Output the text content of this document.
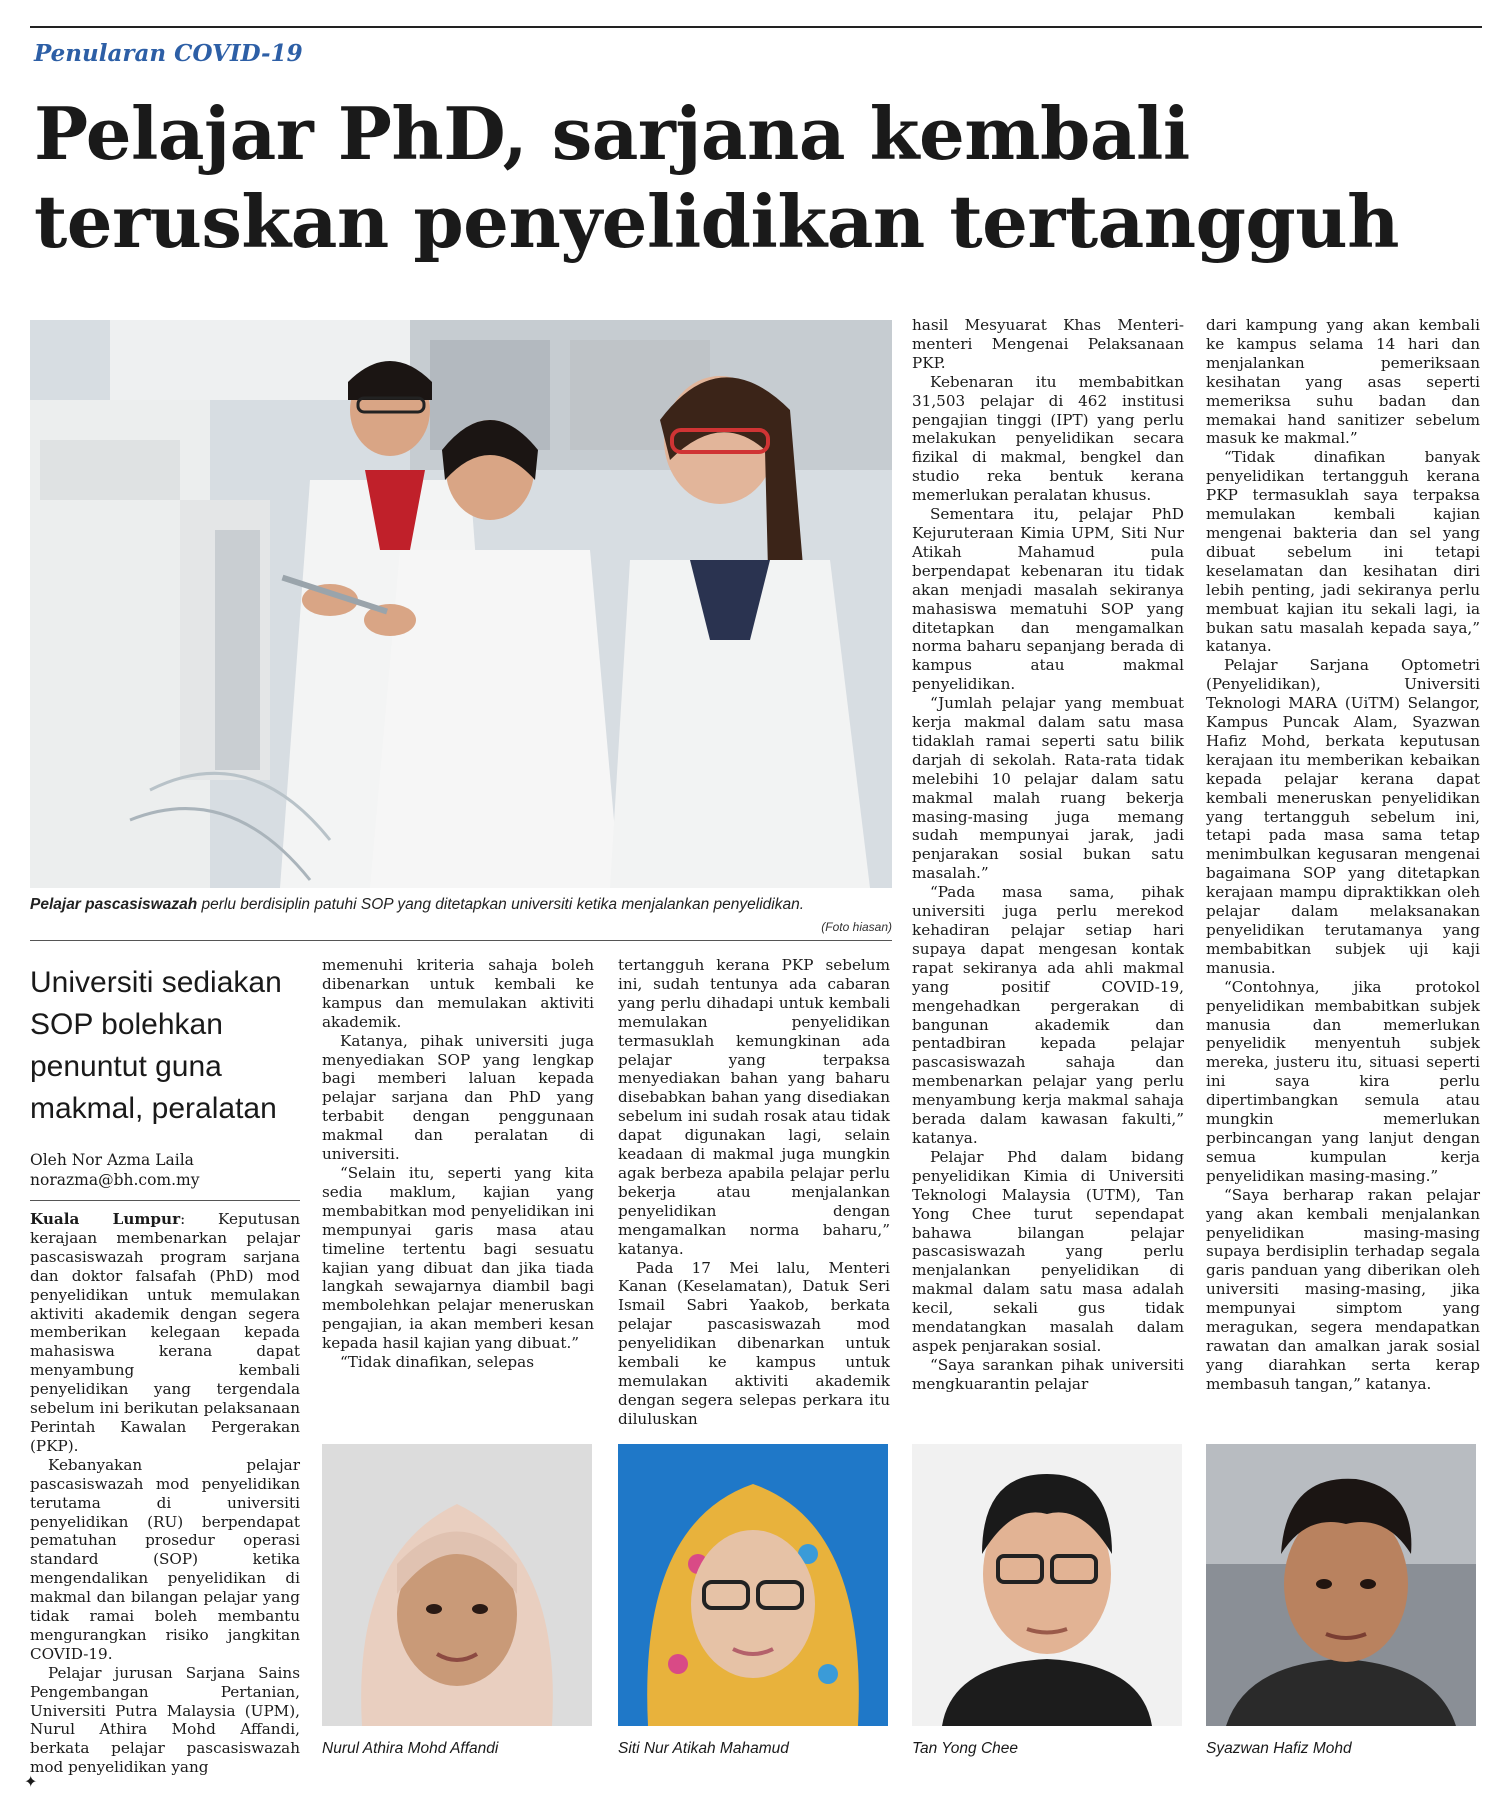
Penularan COVID-19
Pelajar PhD, sarjana kembali teruskan penyelidikan tertangguh
Pelajar pascasiswazah perlu berdisiplin patuhi SOP yang ditetapkan universiti ketika menjalankan penyelidikan.
(Foto hiasan)
Universiti sediakan SOP bolehkan penuntut guna makmal, peralatan
Oleh Nor Azma Laila
norazma@bh.com.my

Kuala Lumpur: Keputusan kerajaan membenarkan pelajar pascasiswazah program sarjana dan doktor falsafah (PhD) mod penyelidikan untuk memulakan aktiviti akademik dengan segera memberikan kelegaan kepada mahasiswa kerana dapat menyambung kembali penyelidikan yang tergendala sebelum ini berikutan pelaksanaan Perintah Kawalan Pergerakan (PKP).

Kebanyakan pelajar pascasiswazah mod penyelidikan terutama di universiti penyelidikan (RU) berpendapat pematuhan prosedur operasi standard (SOP) ketika mengendalikan penyelidikan di makmal dan bilangan pelajar yang tidak ramai boleh membantu mengurangkan risiko jangkitan COVID-19.

Pelajar jurusan Sarjana Sains Pengembangan Pertanian, Universiti Putra Malaysia (UPM), Nurul Athira Mohd Affandi, berkata pelajar pascasiswazah mod penyelidikan yang

memenuhi kriteria sahaja boleh dibenarkan untuk kembali ke kampus dan memulakan aktiviti akademik.

Katanya, pihak universiti juga menyediakan SOP yang lengkap bagi memberi laluan kepada pelajar sarjana dan PhD yang terbabit dengan penggunaan makmal dan peralatan di universiti.

“Selain itu, seperti yang kita sedia maklum, kajian yang membabitkan mod penyelidikan ini mempunyai garis masa atau timeline tertentu bagi sesuatu kajian yang dibuat dan jika tiada langkah sewajarnya diambil bagi membolehkan pelajar meneruskan pengajian, ia akan memberi kesan kepada hasil kajian yang dibuat.”

“Tidak dinafikan, selepas

tertangguh kerana PKP sebelum ini, sudah tentunya ada cabaran yang perlu dihadapi untuk kembali memulakan penyelidikan termasuklah kemungkinan ada pelajar yang terpaksa menyediakan bahan yang baharu disebabkan bahan yang disediakan sebelum ini sudah rosak atau tidak dapat digunakan lagi, selain keadaan di makmal juga mungkin agak berbeza apabila pelajar perlu bekerja atau menjalankan penyelidikan dengan mengamalkan norma baharu,” katanya.

Pada 17 Mei lalu, Menteri Kanan (Keselamatan), Datuk Seri Ismail Sabri Yaakob, berkata pelajar pascasiswazah mod penyelidikan dibenarkan untuk kembali ke kampus untuk memulakan aktiviti akademik dengan segera selepas perkara itu diluluskan

hasil Mesyuarat Khas Menteri-menteri Mengenai Pelaksanaan PKP.

Kebenaran itu membabitkan 31,503 pelajar di 462 institusi pengajian tinggi (IPT) yang perlu melakukan penyelidikan secara fizikal di makmal, bengkel dan studio reka bentuk kerana memerlukan peralatan khusus.

Sementara itu, pelajar PhD Kejuruteraan Kimia UPM, Siti Nur Atikah Mahamud pula berpendapat kebenaran itu tidak akan menjadi masalah sekiranya mahasiswa mematuhi SOP yang ditetapkan dan mengamalkan norma baharu sepanjang berada di kampus atau makmal penyelidikan.

“Jumlah pelajar yang membuat kerja makmal dalam satu masa tidaklah ramai seperti satu bilik darjah di sekolah. Rata-rata tidak melebihi 10 pelajar dalam satu makmal malah ruang bekerja masing-masing juga memang sudah mempunyai jarak, jadi penjarakan sosial bukan satu masalah.”

“Pada masa sama, pihak universiti juga perlu merekod kehadiran pelajar setiap hari supaya dapat mengesan kontak rapat sekiranya ada ahli makmal yang positif COVID-19, mengehadkan pergerakan di bangunan akademik dan pentadbiran kepada pelajar pascasiswazah sahaja dan membenarkan pelajar yang perlu menyambung kerja makmal sahaja berada dalam kawasan fakulti,” katanya.

Pelajar Phd dalam bidang penyelidikan Kimia di Universiti Teknologi Malaysia (UTM), Tan Yong Chee turut sependapat bahawa bilangan pelajar pascasiswazah yang perlu menjalankan penyelidikan di makmal dalam satu masa adalah kecil, sekali gus tidak mendatangkan masalah dalam aspek penjarakan sosial.

“Saya sarankan pihak universiti mengkuarantin pelajar

dari kampung yang akan kembali ke kampus selama 14 hari dan menjalankan pemeriksaan kesihatan yang asas seperti memeriksa suhu badan dan memakai hand sanitizer sebelum masuk ke makmal.”

“Tidak dinafikan banyak penyelidikan tertangguh kerana PKP termasuklah saya terpaksa memulakan kembali kajian mengenai bakteria dan sel yang dibuat sebelum ini tetapi keselamatan dan kesihatan diri lebih penting, jadi sekiranya perlu membuat kajian itu sekali lagi, ia bukan satu masalah kepada saya,” katanya.

Pelajar Sarjana Optometri (Penyelidikan), Universiti Teknologi MARA (UiTM) Selangor, Kampus Puncak Alam, Syazwan Hafiz Mohd, berkata keputusan kerajaan itu memberikan kebaikan kepada pelajar kerana dapat kembali meneruskan penyelidikan yang tertangguh sebelum ini, tetapi pada masa sama tetap menimbulkan kegusaran mengenai bagaimana SOP yang ditetapkan kerajaan mampu dipraktikkan oleh pelajar dalam melaksanakan penyelidikan terutamanya yang membabitkan subjek uji kaji manusia.

“Contohnya, jika protokol penyelidikan membabitkan subjek manusia dan memerlukan penyelidik menyentuh subjek mereka, justeru itu, situasi seperti ini saya kira perlu dipertimbangkan semula atau mungkin memerlukan perbincangan yang lanjut dengan semua kumpulan kerja penyelidikan masing-masing.”

“Saya berharap rakan pelajar yang akan kembali menjalankan penyelidikan masing-masing supaya berdisiplin terhadap segala garis panduan yang diberikan oleh universiti masing-masing, jika mempunyai simptom yang meragukan, segera mendapatkan rawatan dan amalkan jarak sosial yang diarahkan serta kerap membasuh tangan,” katanya.

Nurul Athira Mohd Affandi	Siti Nur Atikah Mahamud	Tan Yong Chee	Syazwan Hafiz Mohd
✦
